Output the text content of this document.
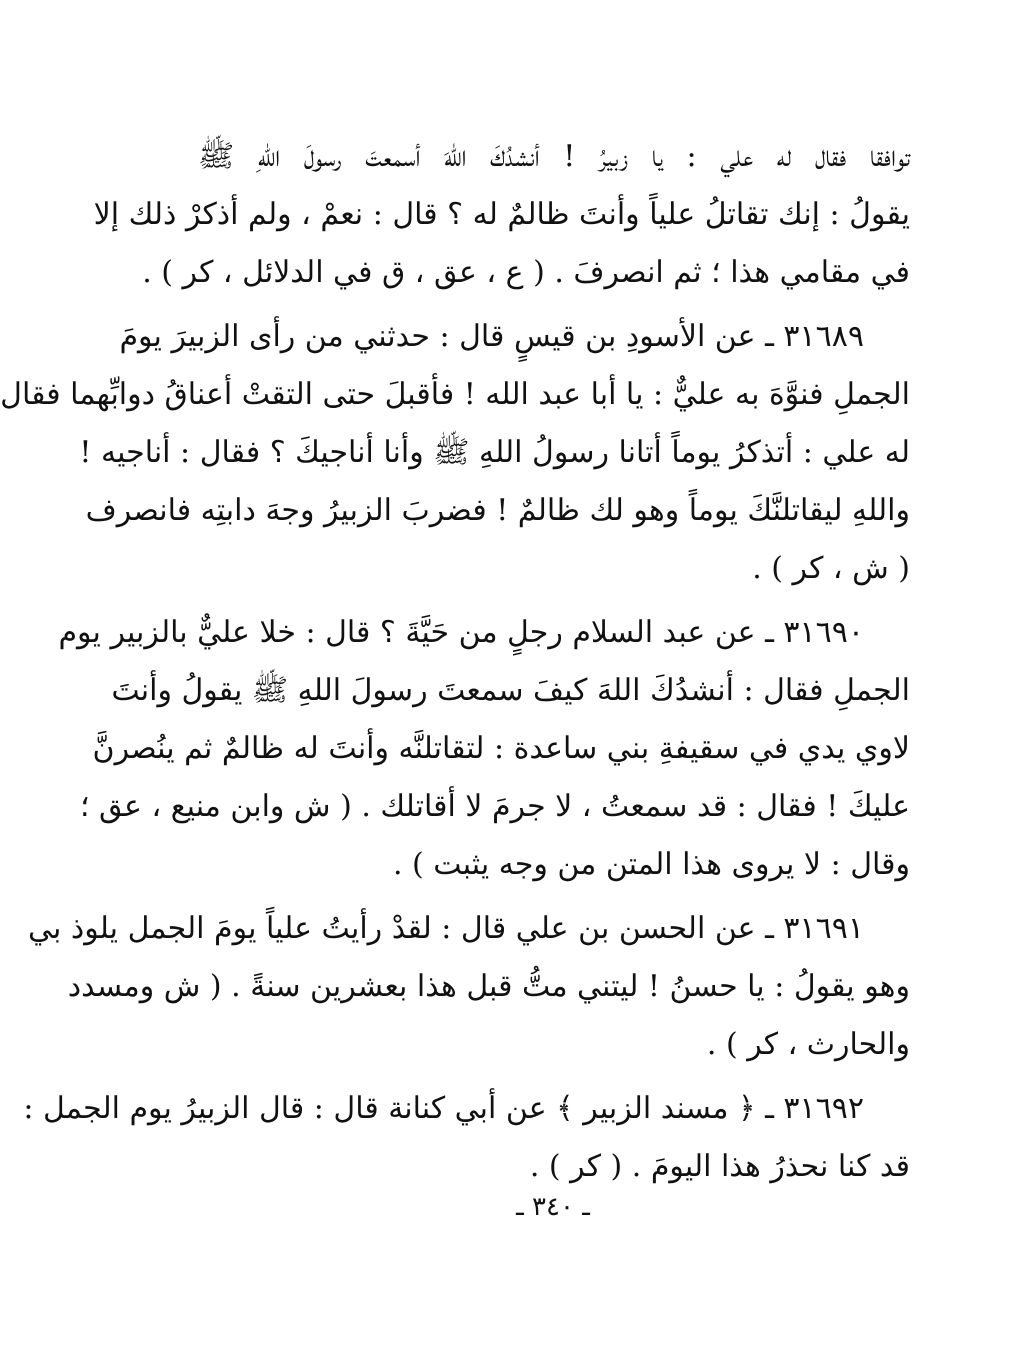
توافقا فقال له علي : يا زبيرُ ! أنشدُكَ اللهَ أسمعتَ رسولَ اللهِ ﷺ
يقولُ : إنك تقاتلُ علياً وأنتَ ظالمٌ له ؟ قال : نعمْ ، ولم أذكرْ ذلك إلا
في مقامي هذا ؛ ثم انصرفَ . ( ع ، عق ، ق في الدلائل ، كر ) .
٣١٦٨٩ ـ عن الأسودِ بن قيسٍ قال : حدثني من رأى الزبيرَ يومَ
الجملِ فنوَّهَ به عليٌّ : يا أبا عبد الله ! فأقبلَ حتى التقتْ أعناقُ دوابِّهما فقال
له علي : أتذكرُ يوماً أتانا رسولُ اللهِ ﷺ وأنا أناجيكَ ؟ فقال : أناجيه !
واللهِ ليقاتلنَّكَ يوماً وهو لك ظالمٌ ! فضربَ الزبيرُ وجهَ دابتِه فانصرف
( ش ، كر ) .
٣١٦٩٠ ـ عن عبد السلام رجلٍ من حَيَّةَ ؟ قال : خلا عليٌّ بالزبير يوم
الجملِ فقال : أنشدُكَ اللهَ كيفَ سمعتَ رسولَ اللهِ ﷺ يقولُ وأنتَ
لاوي يدي في سقيفةِ بني ساعدة : لتقاتلنَّه وأنتَ له ظالمٌ ثم ينُصرنَّ
عليكَ ! فقال : قد سمعتُ ، لا جرمَ لا أقاتلك . ( ش وابن منيع ، عق ؛
وقال : لا يروى هذا المتن من وجه يثبت ) .
٣١٦٩١ ـ عن الحسن بن علي قال : لقدْ رأيتُ علياً يومَ الجمل يلوذ بي
وهو يقولُ : يا حسنُ ! ليتني متُّ قبل هذا بعشرين سنةً . ( ش ومسدد
والحارث ، كر ) .
٣١٦٩٢ ـ ﴿ مسند الزبير ﴾ عن أبي كنانة قال : قال الزبيرُ يوم الجمل :
قد كنا نحذرُ هذا اليومَ . ( كر ) .
ـ ٣٤٠ ـ
